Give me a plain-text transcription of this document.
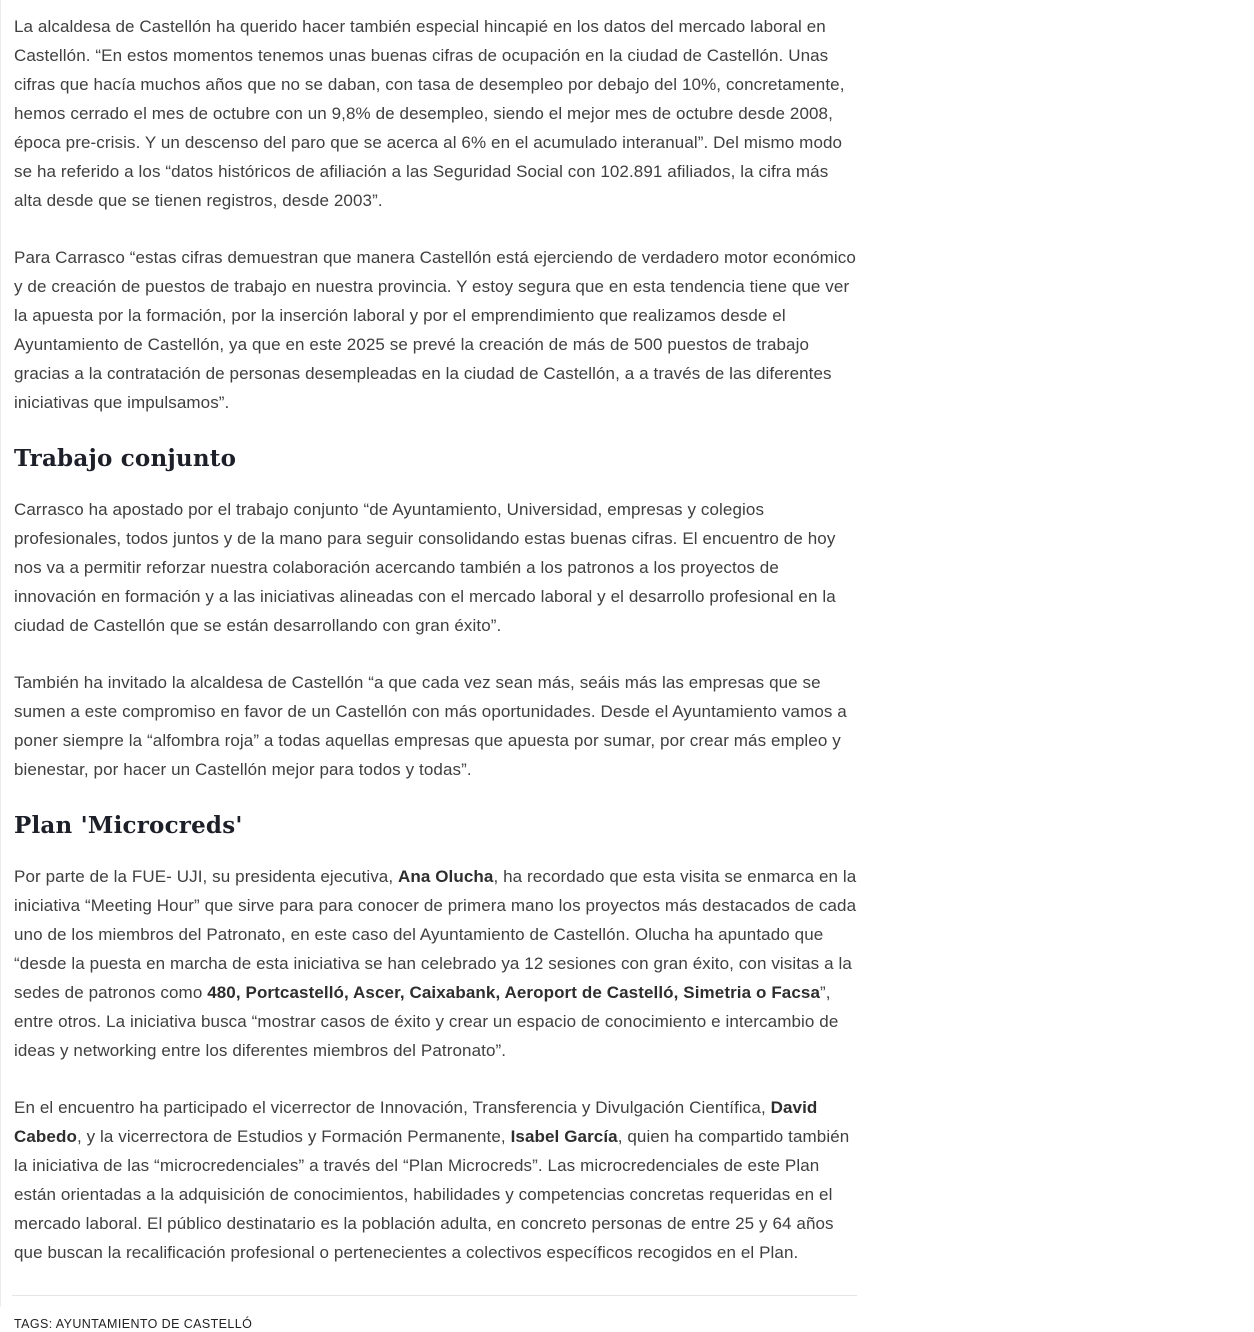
La alcaldesa de Castellón ha querido hacer también especial hincapié en los datos del mercado laboral en Castellón. “En estos momentos tenemos unas buenas cifras de ocupación en la ciudad de Castellón. Unas cifras que hacía muchos años que no se daban, con tasa de desempleo por debajo del 10%, concretamente, hemos cerrado el mes de octubre con un 9,8% de desempleo, siendo el mejor mes de octubre desde 2008, época pre-crisis. Y un descenso del paro que se acerca al 6% en el acumulado interanual”. Del mismo modo se ha referido a los “datos históricos de afiliación a las Seguridad Social con 102.891 afiliados, la cifra más alta desde que se tienen registros, desde 2003”.

Para Carrasco “estas cifras demuestran que manera Castellón está ejerciendo de verdadero motor económico y de creación de puestos de trabajo en nuestra provincia. Y estoy segura que en esta tendencia tiene que ver la apuesta por la formación, por la inserción laboral y por el emprendimiento que realizamos desde el Ayuntamiento de Castellón, ya que en este 2025 se prevé la creación de más de 500 puestos de trabajo gracias a la contratación de personas desempleadas en la ciudad de Castellón, a a través de las diferentes iniciativas que impulsamos”.

Trabajo conjunto

Carrasco ha apostado por el trabajo conjunto “de Ayuntamiento, Universidad, empresas y colegios profesionales, todos juntos y de la mano para seguir consolidando estas buenas cifras. El encuentro de hoy nos va a permitir reforzar nuestra colaboración acercando también a los patronos a los proyectos de innovación en formación y a las iniciativas alineadas con el mercado laboral y el desarrollo profesional en la ciudad de Castellón que se están desarrollando con gran éxito”.

También ha invitado la alcaldesa de Castellón “a que cada vez sean más, seáis más las empresas que se sumen a este compromiso en favor de un Castellón con más oportunidades. Desde el Ayuntamiento vamos a poner siempre la “alfombra roja” a todas aquellas empresas que apuesta por sumar, por crear más empleo y bienestar, por hacer un Castellón mejor para todos y todas”.

Plan 'Microcreds'

Por parte de la FUE- UJI, su presidenta ejecutiva, Ana Olucha, ha recordado que esta visita se enmarca en la iniciativa “Meeting Hour” que sirve para para conocer de primera mano los proyectos más destacados de cada uno de los miembros del Patronato, en este caso del Ayuntamiento de Castellón. Olucha ha apuntado que “desde la puesta en marcha de esta iniciativa se han celebrado ya 12 sesiones con gran éxito, con visitas a la sedes de patronos como 480, Portcastelló, Ascer, Caixabank, Aeroport de Castelló, Simetria o Facsa”, entre otros. La iniciativa busca “mostrar casos de éxito y crear un espacio de conocimiento e intercambio de ideas y networking entre los diferentes miembros del Patronato”.

En el encuentro ha participado el vicerrector de Innovación, Transferencia y Divulgación Científica, David Cabedo, y la vicerrectora de Estudios y Formación Permanente, Isabel García, quien ha compartido también la iniciativa de las “microcredenciales” a través del “Plan Microcreds”. Las microcredenciales de este Plan están orientadas a la adquisición de conocimientos, habilidades y competencias concretas requeridas en el mercado laboral. El público destinatario es la población adulta, en concreto personas de entre 25 y 64 años que buscan la recalificación profesional o pertenecientes a colectivos específicos recogidos en el Plan.

TAGS: AYUNTAMIENTO DE CASTELLÓ
